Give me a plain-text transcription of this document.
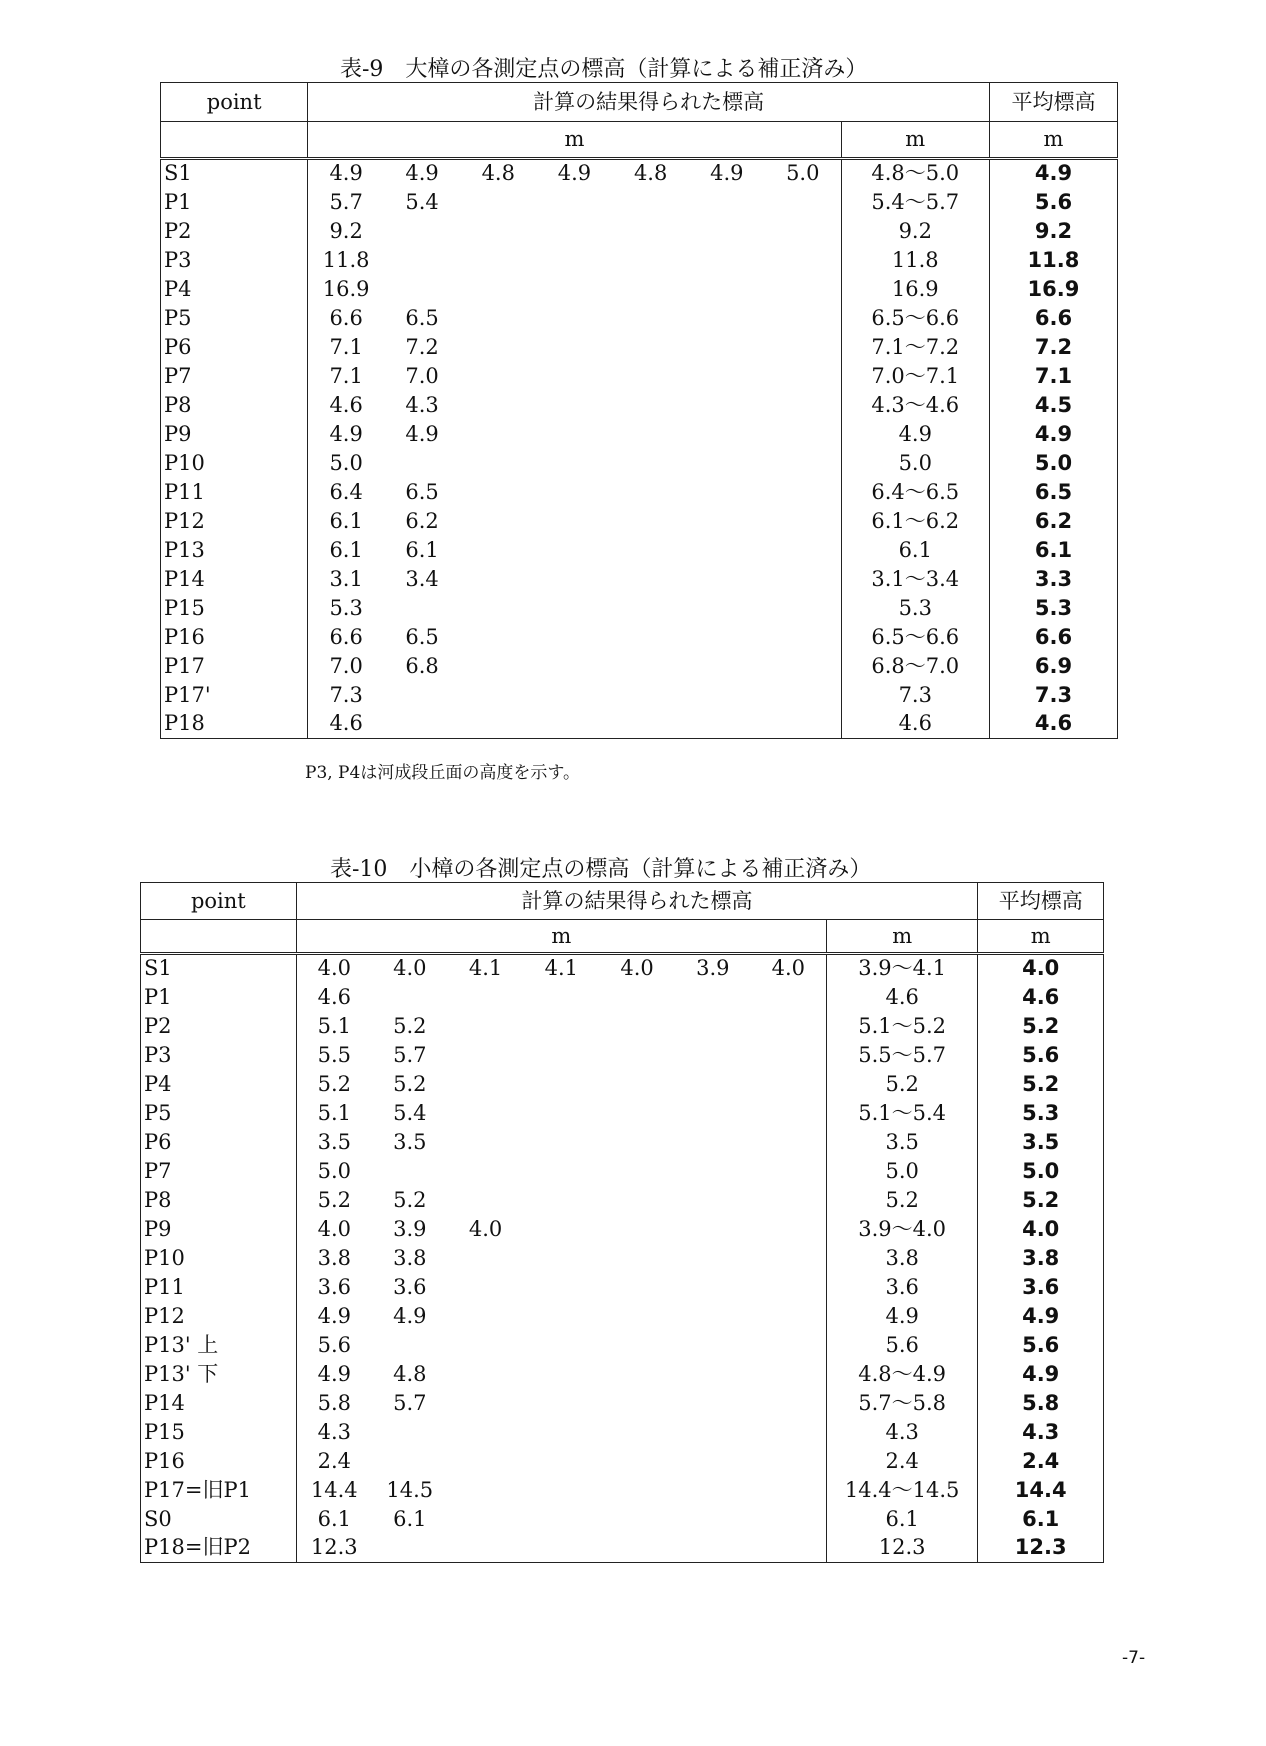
表-9　大樟の各測定点の標高（計算による補正済み）
point	計算の結果得られた標高								平均標高
	m							m	m
S1	4.9	4.9	4.8	4.9	4.8	4.9	5.0	4.8～5.0	4.9
P1	5.7	5.4						5.4～5.7	5.6
P2	9.2							9.2	9.2
P3	11.8							11.8	11.8
P4	16.9							16.9	16.9
P5	6.6	6.5						6.5～6.6	6.6
P6	7.1	7.2						7.1～7.2	7.2
P7	7.1	7.0						7.0～7.1	7.1
P8	4.6	4.3						4.3～4.6	4.5
P9	4.9	4.9						4.9	4.9
P10	5.0							5.0	5.0
P11	6.4	6.5						6.4～6.5	6.5
P12	6.1	6.2						6.1～6.2	6.2
P13	6.1	6.1						6.1	6.1
P14	3.1	3.4						3.1～3.4	3.3
P15	5.3							5.3	5.3
P16	6.6	6.5						6.5～6.6	6.6
P17	7.0	6.8						6.8～7.0	6.9
P17'	7.3							7.3	7.3
P18	4.6							4.6	4.6
P3, P4は河成段丘面の高度を示す。
表-10　小樟の各測定点の標高（計算による補正済み）
point	計算の結果得られた標高								平均標高
	m							m	m
S1	4.0	4.0	4.1	4.1	4.0	3.9	4.0	3.9～4.1	4.0
P1	4.6							4.6	4.6
P2	5.1	5.2						5.1～5.2	5.2
P3	5.5	5.7						5.5～5.7	5.6
P4	5.2	5.2						5.2	5.2
P5	5.1	5.4						5.1～5.4	5.3
P6	3.5	3.5						3.5	3.5
P7	5.0							5.0	5.0
P8	5.2	5.2						5.2	5.2
P9	4.0	3.9	4.0					3.9～4.0	4.0
P10	3.8	3.8						3.8	3.8
P11	3.6	3.6						3.6	3.6
P12	4.9	4.9						4.9	4.9
P13' 上	5.6							5.6	5.6
P13' 下	4.9	4.8						4.8～4.9	4.9
P14	5.8	5.7						5.7～5.8	5.8
P15	4.3							4.3	4.3
P16	2.4							2.4	2.4
P17=旧P1	14.4	14.5						14.4～14.5	14.4
S0	6.1	6.1						6.1	6.1
P18=旧P2	12.3							12.3	12.3
-7-
